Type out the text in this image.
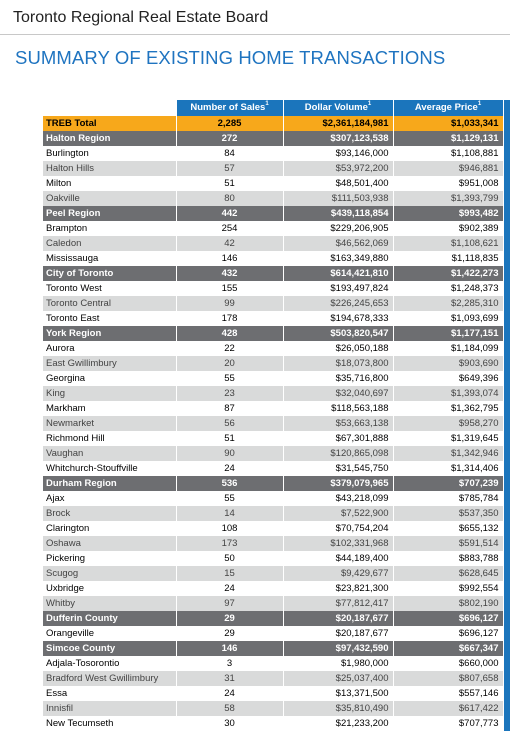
Toronto Regional Real Estate Board
SUMMARY OF EXISTING HOME TRANSACTIONS
	Number of Sales$^1$	Dollar Volume$^1$	Average Price$^1$	
TREB Total	2,285	$2,361,184,981	$1,033,341	
Halton Region	272	$307,123,538	$1,129,131	
Burlington	84	$93,146,000	$1,108,881	
Halton Hills	57	$53,972,200	$946,881	
Milton	51	$48,501,400	$951,008	
Oakville	80	$111,503,938	$1,393,799	
Peel Region	442	$439,118,854	$993,482	
Brampton	254	$229,206,905	$902,389	
Caledon	42	$46,562,069	$1,108,621	
Mississauga	146	$163,349,880	$1,118,835	
City of Toronto	432	$614,421,810	$1,422,273	
Toronto West	155	$193,497,824	$1,248,373	
Toronto Central	99	$226,245,653	$2,285,310	
Toronto East	178	$194,678,333	$1,093,699	
York Region	428	$503,820,547	$1,177,151	
Aurora	22	$26,050,188	$1,184,099	
East Gwillimbury	20	$18,073,800	$903,690	
Georgina	55	$35,716,800	$649,396	
King	23	$32,040,697	$1,393,074	
Markham	87	$118,563,188	$1,362,795	
Newmarket	56	$53,663,138	$958,270	
Richmond Hill	51	$67,301,888	$1,319,645	
Vaughan	90	$120,865,098	$1,342,946	
Whitchurch-Stouffville	24	$31,545,750	$1,314,406	
Durham Region	536	$379,079,965	$707,239	
Ajax	55	$43,218,099	$785,784	
Brock	14	$7,522,900	$537,350	
Clarington	108	$70,754,204	$655,132	
Oshawa	173	$102,331,968	$591,514	
Pickering	50	$44,189,400	$883,788	
Scugog	15	$9,429,677	$628,645	
Uxbridge	24	$23,821,300	$992,554	
Whitby	97	$77,812,417	$802,190	
Dufferin County	29	$20,187,677	$696,127	
Orangeville	29	$20,187,677	$696,127	
Simcoe County	146	$97,432,590	$667,347	
Adjala-Tosorontio	3	$1,980,000	$660,000	
Bradford West Gwillimbury	31	$25,037,400	$807,658	
Essa	24	$13,371,500	$557,146	
Innisfil	58	$35,810,490	$617,422	
New Tecumseth	30	$21,233,200	$707,773	
